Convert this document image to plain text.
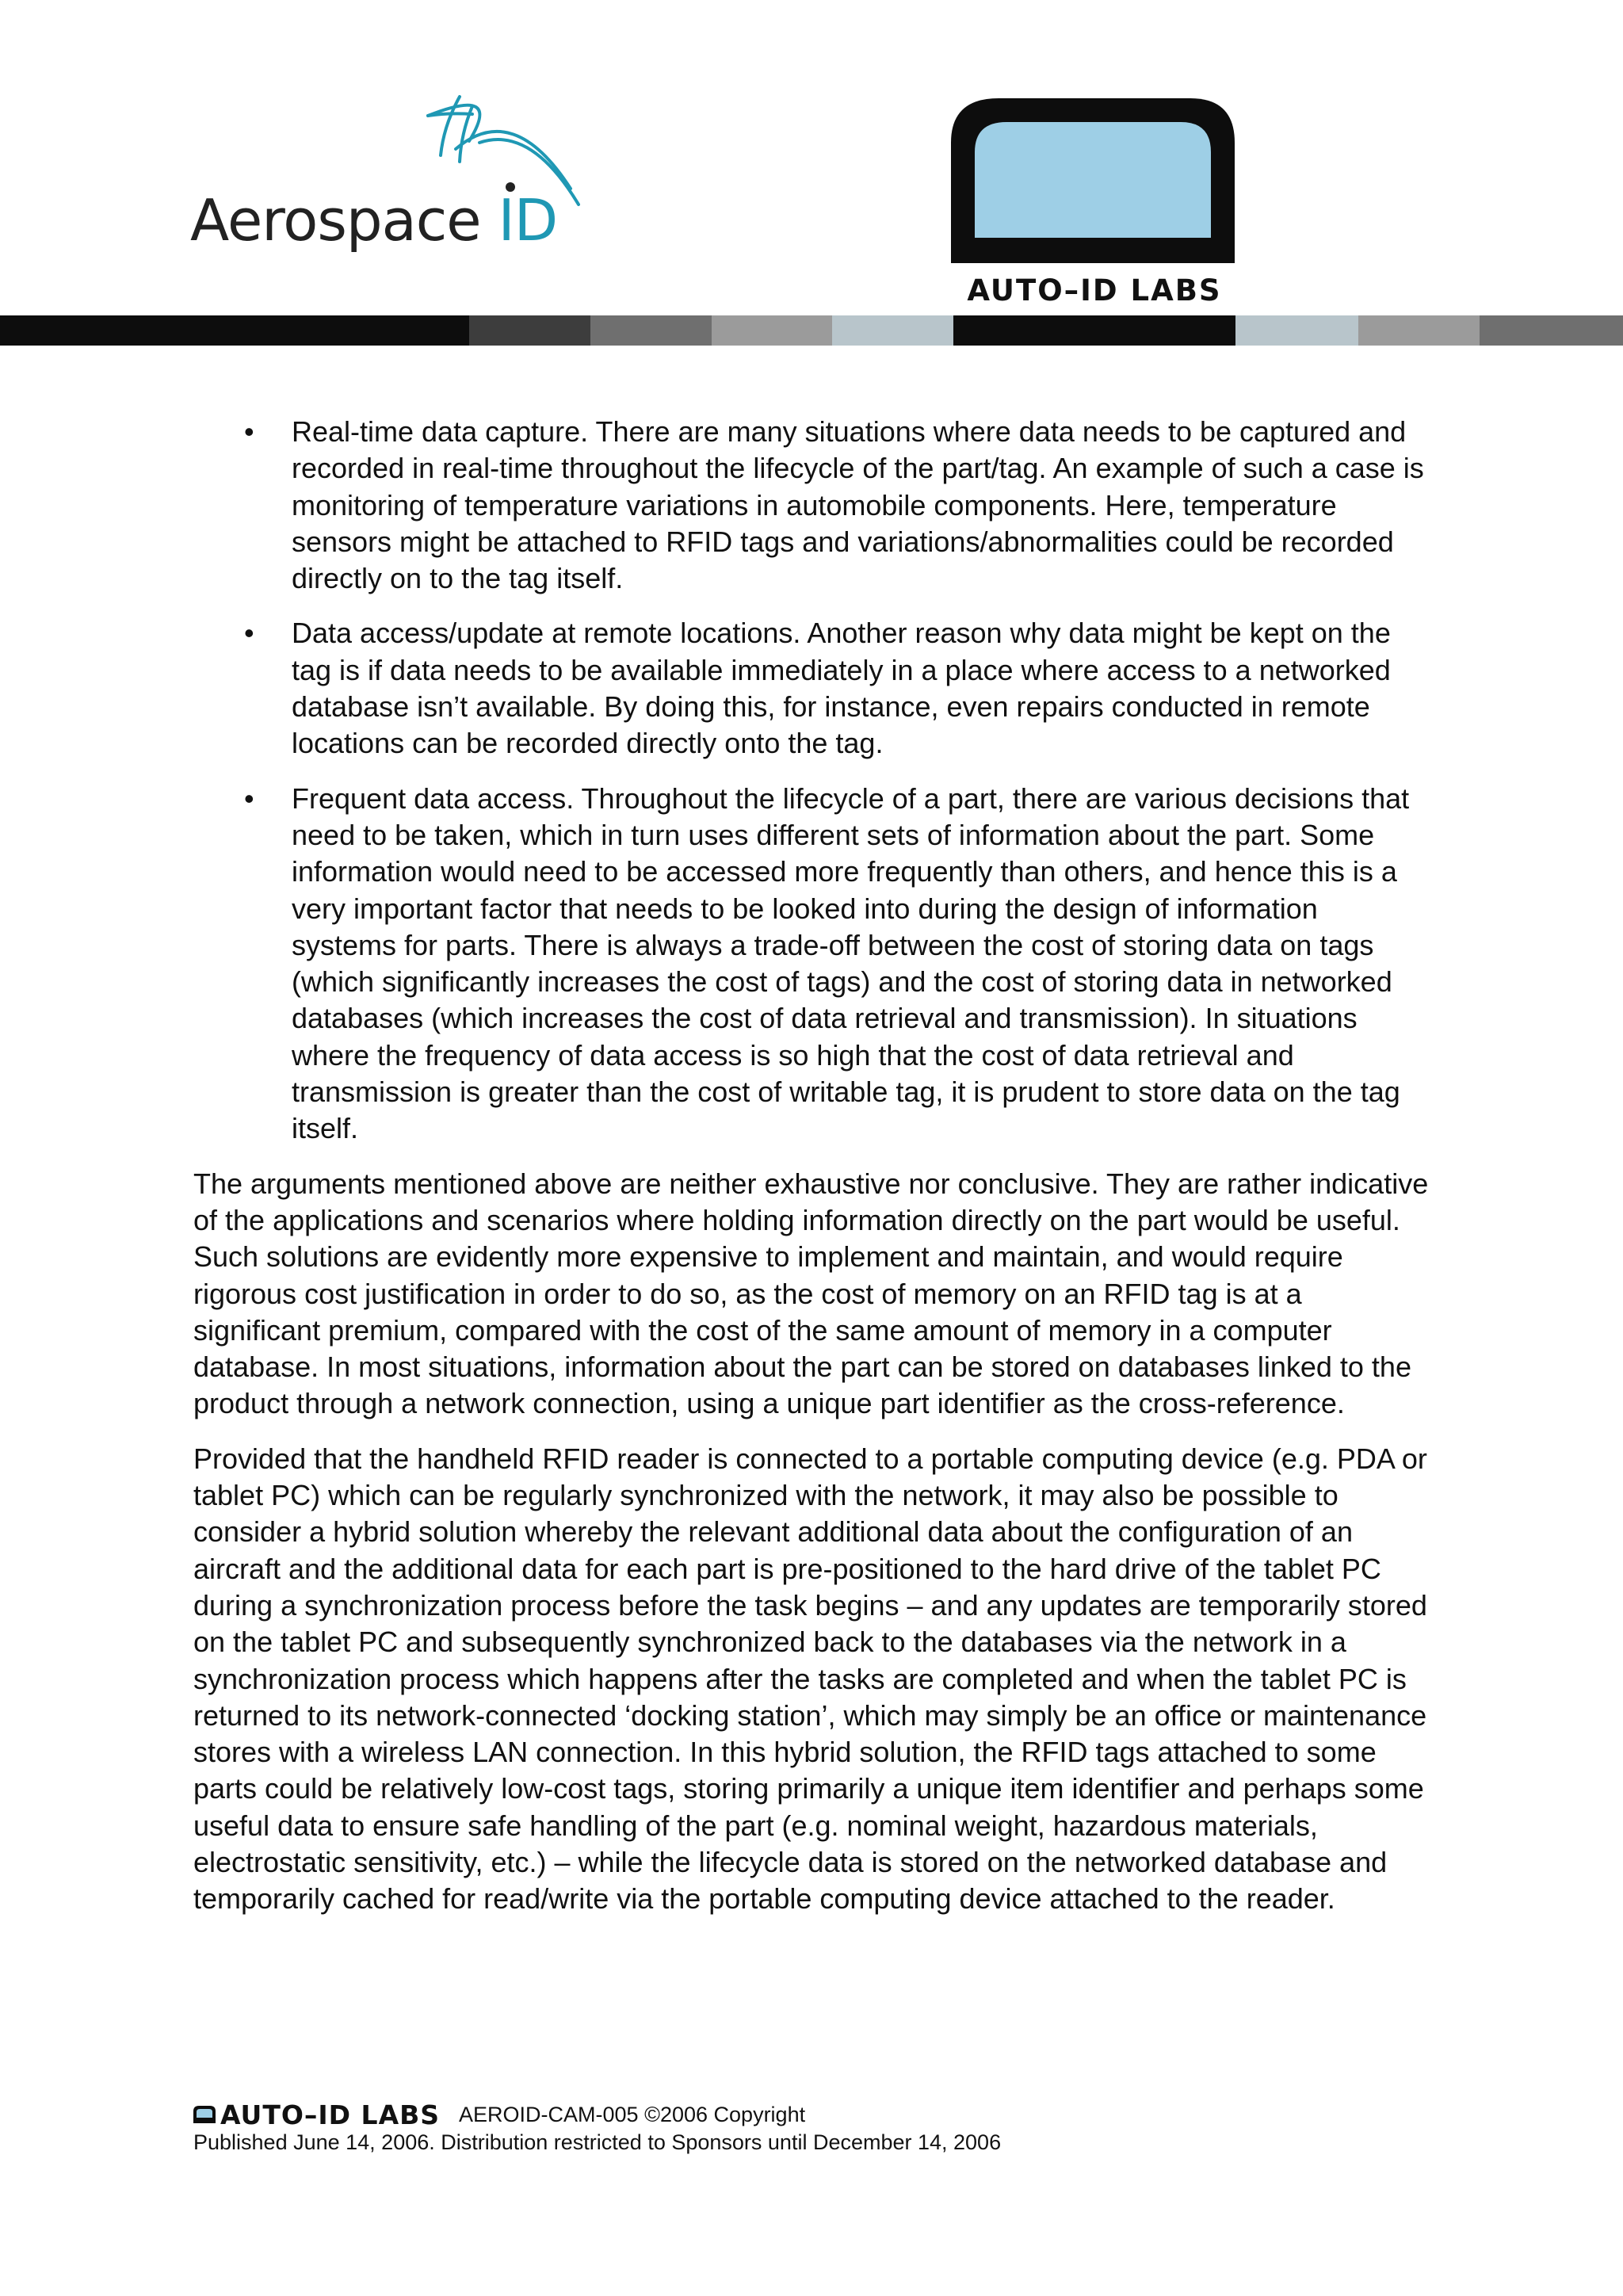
Aerospace ID
AUTO–ID LABS
• Real-time data capture. There are many situations where data needs to be captured and recorded in real-time throughout the lifecycle of the part/tag. An example of such a case is monitoring of temperature variations in automobile components. Here, temperature sensors might be attached to RFID tags and variations/abnormalities could be recorded directly on to the tag itself.
• Data access/update at remote locations. Another reason why data might be kept on the tag is if data needs to be available immediately in a place where access to a networked database isn’t available. By doing this, for instance, even repairs conducted in remote locations can be recorded directly onto the tag.
• Frequent data access. Throughout the lifecycle of a part, there are various decisions that need to be taken, which in turn uses different sets of information about the part. Some information would need to be accessed more frequently than others, and hence this is a very important factor that needs to be looked into during the design of information systems for parts. There is always a trade-off between the cost of storing data on tags (which significantly increases the cost of tags) and the cost of storing data in networked databases (which increases the cost of data retrieval and transmission). In situations where the frequency of data access is so high that the cost of data retrieval and transmission is greater than the cost of writable tag, it is prudent to store data on the tag itself.

The arguments mentioned above are neither exhaustive nor conclusive. They are rather indicative of the applications and scenarios where holding information directly on the part would be useful. Such solutions are evidently more expensive to implement and maintain, and would require rigorous cost justification in order to do so, as the cost of memory on an RFID tag is at a significant premium, compared with the cost of the same amount of memory in a computer database. In most situations, information about the part can be stored on databases linked to the product through a network connection, using a unique part identifier as the cross-reference.

Provided that the handheld RFID reader is connected to a portable computing device (e.g. PDA or tablet PC) which can be regularly synchronized with the network, it may also be possible to consider a hybrid solution whereby the relevant additional data about the configuration of an aircraft and the additional data for each part is pre-positioned to the hard drive of the tablet PC during a synchronization process before the task begins – and any updates are temporarily stored on the tablet PC and subsequently synchronized back to the databases via the network in a synchronization process which happens after the tasks are completed and when the tablet PC is returned to its network-connected ‘docking station’, which may simply be an office or maintenance stores with a wireless LAN connection. In this hybrid solution, the RFID tags attached to some parts could be relatively low-cost tags, storing primarily a unique item identifier and perhaps some useful data to ensure safe handling of the part (e.g. nominal weight, hazardous materials, electrostatic sensitivity, etc.) – while the lifecycle data is stored on the networked database and temporarily cached for read/write via the portable computing device attached to the reader.

AUTO–ID LABS AEROID-CAM-005 ©2006 Copyright
Published June 14, 2006. Distribution restricted to Sponsors until December 14, 2006
